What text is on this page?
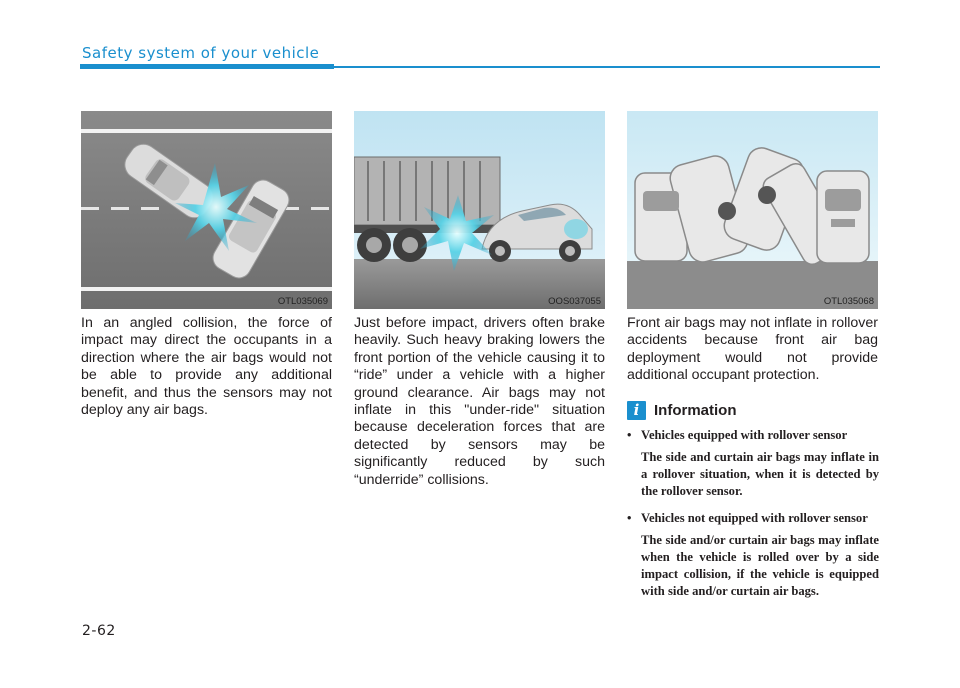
Safety system of your vehicle
OTL035069	OOS037055	OTL035068
In an angled collision, the force of impact may direct the occupants in a direction where the air bags would not be able to provide any additional benefit, and thus the sensors may not deploy any air bags.
Just before impact, drivers often brake heavily. Such heavy braking lowers the front portion of the vehicle causing it to “ride” under a vehicle with a higher ground clearance. Air bags may not inflate in this "under-ride" situation because deceleration forces that are detected by sensors may be significantly reduced by such “underride” collisions.
Front air bags may not inflate in rollover accidents because front air bag deployment would not provide additional occupant protection.
i Information
• Vehicles equipped with rollover sensor
The side and curtain air bags may inflate in a rollover situation, when it is detected by the rollover sensor.
• Vehicles not equipped with rollover sensor
The side and/or curtain air bags may inflate when the vehicle is rolled over by a side impact collision, if the vehicle is equipped with side and/or curtain air bags.
2-62
